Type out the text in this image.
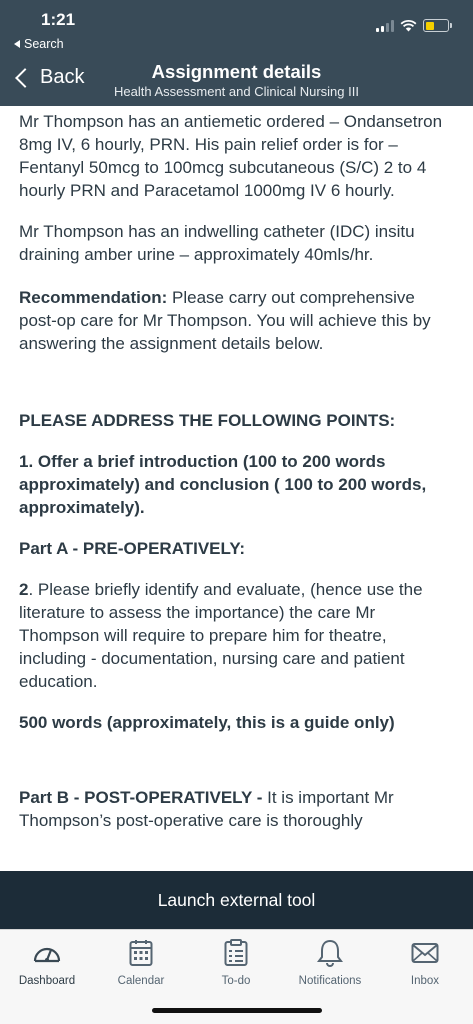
1:21
Search
Back	Assignment details
Health Assessment and Clinical Nursing III

Mr Thompson has an antiemetic ordered – Ondansetron 8mg IV, 6 hourly, PRN. His pain relief order is for – Fentanyl 50mcg to 100mcg subcutaneous (S/C) 2 to 4 hourly PRN and Paracetamol 1000mg IV 6 hourly.

Mr Thompson has an indwelling catheter (IDC) insitu draining amber urine – approximately 40mls/hr.

Recommendation: Please carry out comprehensive post-op care for Mr Thompson. You will achieve this by answering the assignment details below.

PLEASE ADDRESS THE FOLLOWING POINTS:

1. Offer a brief introduction (100 to 200 words approximately) and conclusion ( 100 to 200 words, approximately).

Part A - PRE-OPERATIVELY:

2. Please briefly identify and evaluate, (hence use the literature to assess the importance) the care Mr Thompson will require to prepare him for theatre, including - documentation, nursing care and patient education.

500 words (approximately, this is a guide only)

Part B - POST-OPERATIVELY - It is important Mr Thompson’s post-operative care is thoroughly

Launch external tool
Dashboard	Calendar	To-do	Notifications	Inbox
